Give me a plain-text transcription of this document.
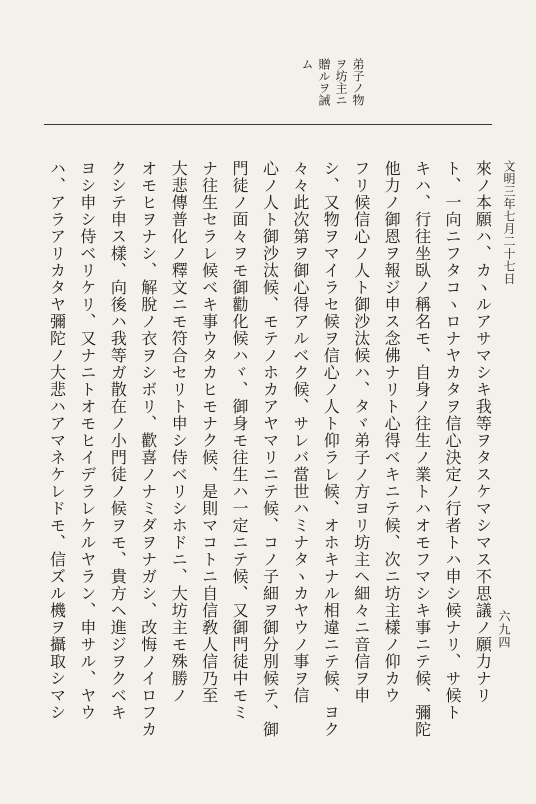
弟子ノ物
ヲ坊主ニ
贈ルヲ誡
ム
文明三年七月二十七日
來ノ本願ハ、カヽルアサマシキ我等ヲタスケマシマス不思議ノ願力ナリ
ト、一向ニフタコヽロナヤカタヲ信心決定ノ行者トハ申シ候ナリ、サ候ト
キハ、行往坐臥ノ稱名モ、自身ノ往生ノ業トハオモフマシキ事ニテ候、彌陀
他力ノ御恩ヲ報ジ申ス念佛ナリト心得ベキニテ候、次ニ坊主樣ノ仰カウ
フリ候信心ノ人ト御沙汰候ハ、タヾ弟子ノ方ヨリ坊主ヘ細々ニ音信ヲ申
シ、又物ヲマイラセ候ヲ信心ノ人ト仰ラレ候、オホキナル相違ニテ候、ヨク
々々此次第ヲ御心得アルベク候、サレバ當世ハミナタヽカヤウノ事ヲ信
心ノ人ト御沙汰候、モテノホカアヤマリニテ候、コノ子細ヲ御分別候テ、御
門徒ノ面々ヲモ御勸化候ハヾ、御身モ往生ハ一定ニテ候、又御門徒中モミ
ナ往生セラレ候ベキ事ウタカヒモナク候、是則マコトニ自信敎人信乃至
大悲傳普化ノ釋文ニモ符合セリト申シ侍ベリシホドニ、大坊主モ殊勝ノ
オモヒヲナシ、解脫ノ衣ヲシボリ、歡喜ノナミダヲナガシ、改悔ノイロフカ
クシテ申ス樣、向後ハ我等ガ散在ノ小門徒ノ候ヲモ、貴方ヘ進ジヲクベキ
ヨシ申シ侍ベリケリ、又ナニトオモヒイデラレケルヤラン、申サル、ヤウ
ハ、アラアリカタヤ彌陀ノ大悲ハアマネケレドモ、信ズル機ヲ攝取シマシ	六九四
